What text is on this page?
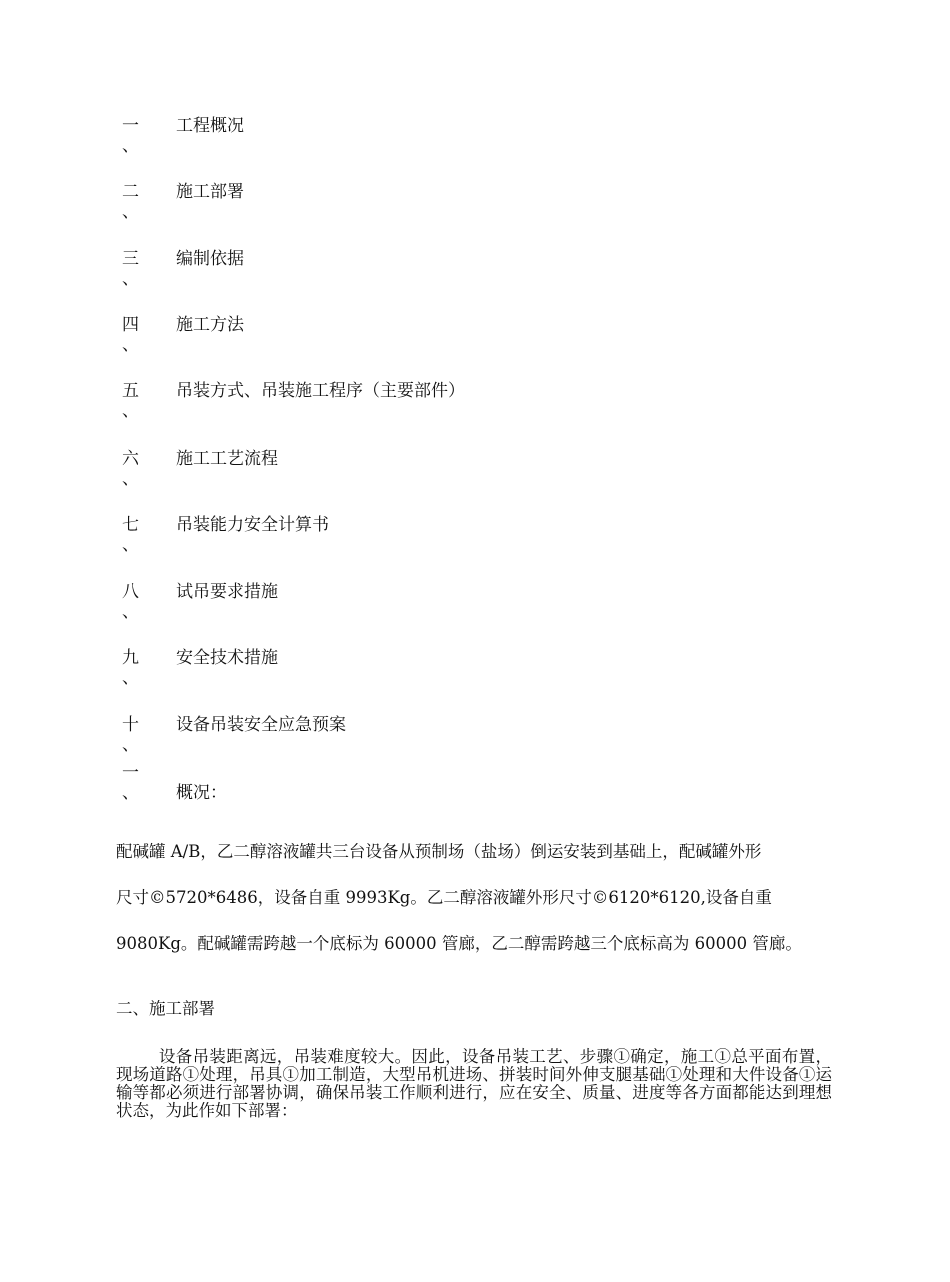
一
、
工程概况
二
、
施工部署
三
、
编制依据
四
、
施工方法
五
、
吊装方式、吊装施工程序（主要部件）
六
、
施工工艺流程
七
、
吊装能力安全计算书
八
、
试吊要求措施
九
、
安全技术措施
十
、
设备吊装安全应急预案
一
、 概况：
配碱罐 A/B，乙二醇溶液罐共三台设备从预制场（盐场）倒运安装到基础上，配碱罐外形
尺寸©5720*6486，设备自重 9993Kg。乙二醇溶液罐外形尺寸©6120*6120,设备自重
9080Kg。配碱罐需跨越一个底标为 60000 管廊，乙二醇需跨越三个底标高为 60000 管廊。
二、施工部署

设备吊装距离远，吊装难度较大。因此，设备吊装工艺、步骤①确定，施工①总平面布置，现场道路①处理，吊具①加工制造，大型吊机进场、拼装时间外伸支腿基础①处理和大件设备①运输等都必须进行部署协调，确保吊装工作顺利进行，应在安全、质量、进度等各方面都能达到理想状态，为此作如下部署：
